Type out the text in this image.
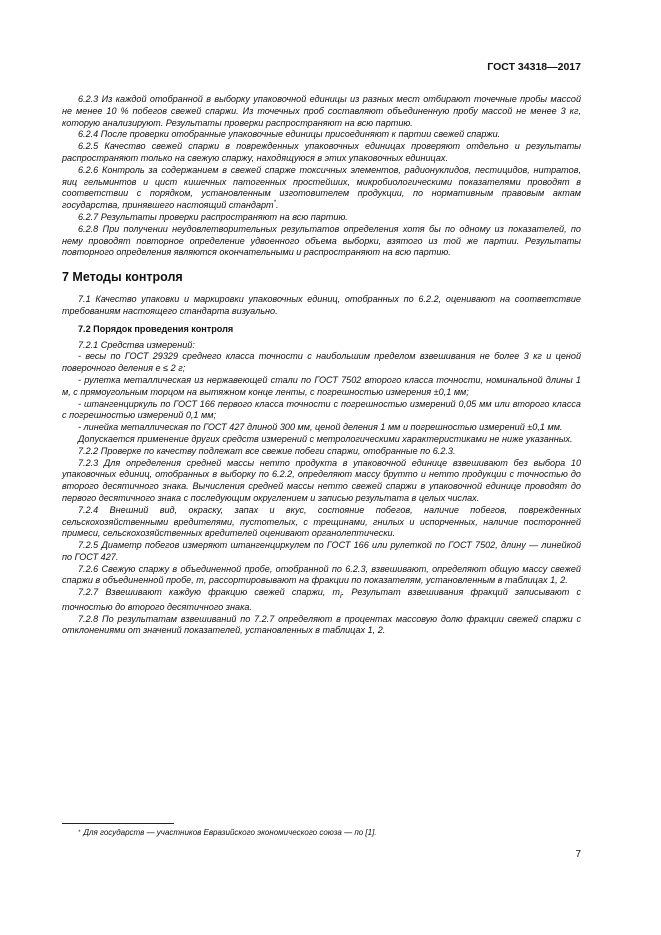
ГОСТ 34318—2017

6.2.3 Из каждой отобранной в выборку упаковочной единицы из разных мест отбирают точечные пробы массой не менее 10 % побегов свежей спаржи. Из точечных проб составляют объединенную пробу массой не менее 3 кг, которую анализируют. Результаты проверки распространяют на всю партию.

6.2.4 После проверки отобранные упаковочные единицы присоединяют к партии свежей спаржи.

6.2.5 Качество свежей спаржи в поврежденных упаковочных единицах проверяют отдельно и результаты распространяют только на свежую спаржу, находящуюся в этих упаковочных единицах.

6.2.6 Контроль за содержанием в свежей спарже токсичных элементов, радионуклидов, пестицидов, нитратов, яиц гельминтов и цист кишечных патогенных простейших, микробиологическими показателями проводят в соответствии с порядком, установленным изготовителем продукции, по нормативным правовым актам государства, принявшего настоящий стандарт*.

6.2.7 Результаты проверки распространяют на всю партию.

6.2.8 При получении неудовлетворительных результатов определения хотя бы по одному из показателей, по нему проводят повторное определение удвоенного объема выборки, взятого из той же партии. Результаты повторного определения являются окончательными и распространяют на всю партию.

7 Методы контроля

7.1 Качество упаковки и маркировки упаковочных единиц, отобранных по 6.2.2, оценивают на соответствие требованиям настоящего стандарта визуально.

7.2 Порядок проведения контроля

7.2.1 Средства измерений:

- весы по ГОСТ 29329 среднего класса точности с наибольшим пределом взвешивания не более 3 кг и ценой поверочного деления e ≤ 2 г;

- рулетка металлическая из нержавеющей стали по ГОСТ 7502 второго класса точности, номинальной длины 1 м, с прямоугольным торцом на вытяжном конце ленты, с погрешностью измерения ±0,1 мм;

- штангенциркуль по ГОСТ 166 первого класса точности с погрешностью измерений 0,05 мм или второго класса с погрешностью измерений 0,1 мм;

- линейка металлическая по ГОСТ 427 длиной 300 мм, ценой деления 1 мм и погрешностью измерений ±0,1 мм.

Допускается применение других средств измерений с метрологическими характеристиками не ниже указанных.

7.2.2 Проверке по качеству подлежат все свежие побеги спаржи, отобранные по 6.2.3.

7.2.3 Для определения средней массы нетто продукта в упаковочной единице взвешивают без выбора 10 упаковочных единиц, отобранных в выборку по 6.2.2, определяют массу брутто и нетто продукции с точностью до второго десятичного знака. Вычисления средней массы нетто свежей спаржи в упаковочной единице проводят до первого десятичного знака с последующим округлением и записью результата в целых числах.

7.2.4 Внешний вид, окраску, запах и вкус, состояние побегов, наличие побегов, поврежденных сельскохозяйственными вредителями, пустотелых, с трещинами, гнилых и испорченных, наличие посторонней примеси, сельскохозяйственных вредителей оценивают органолептически.

7.2.5 Диаметр побегов измеряют штангенциркулем по ГОСТ 166 или рулеткой по ГОСТ 7502, длину — линейкой по ГОСТ 427.

7.2.6 Свежую спаржу в объединенной пробе, отобранной по 6.2.3, взвешивают, определяют общую массу свежей спаржи в объединенной пробе, m, рассортировывают на фракции по показателям, установленным в таблицах 1, 2.

7.2.7 Взвешивают каждую фракцию свежей спаржи, $m_i$. Результат взвешивания фракций записывают с точностью до второго десятичного знака.

7.2.8 По результатам взвешиваний по 7.2.7 определяют в процентах массовую долю фракции свежей спаржи с отклонениями от значений показателей, установленных в таблицах 1, 2.

* Для государств — участников Евразийского экономического союза — по [1].
7
